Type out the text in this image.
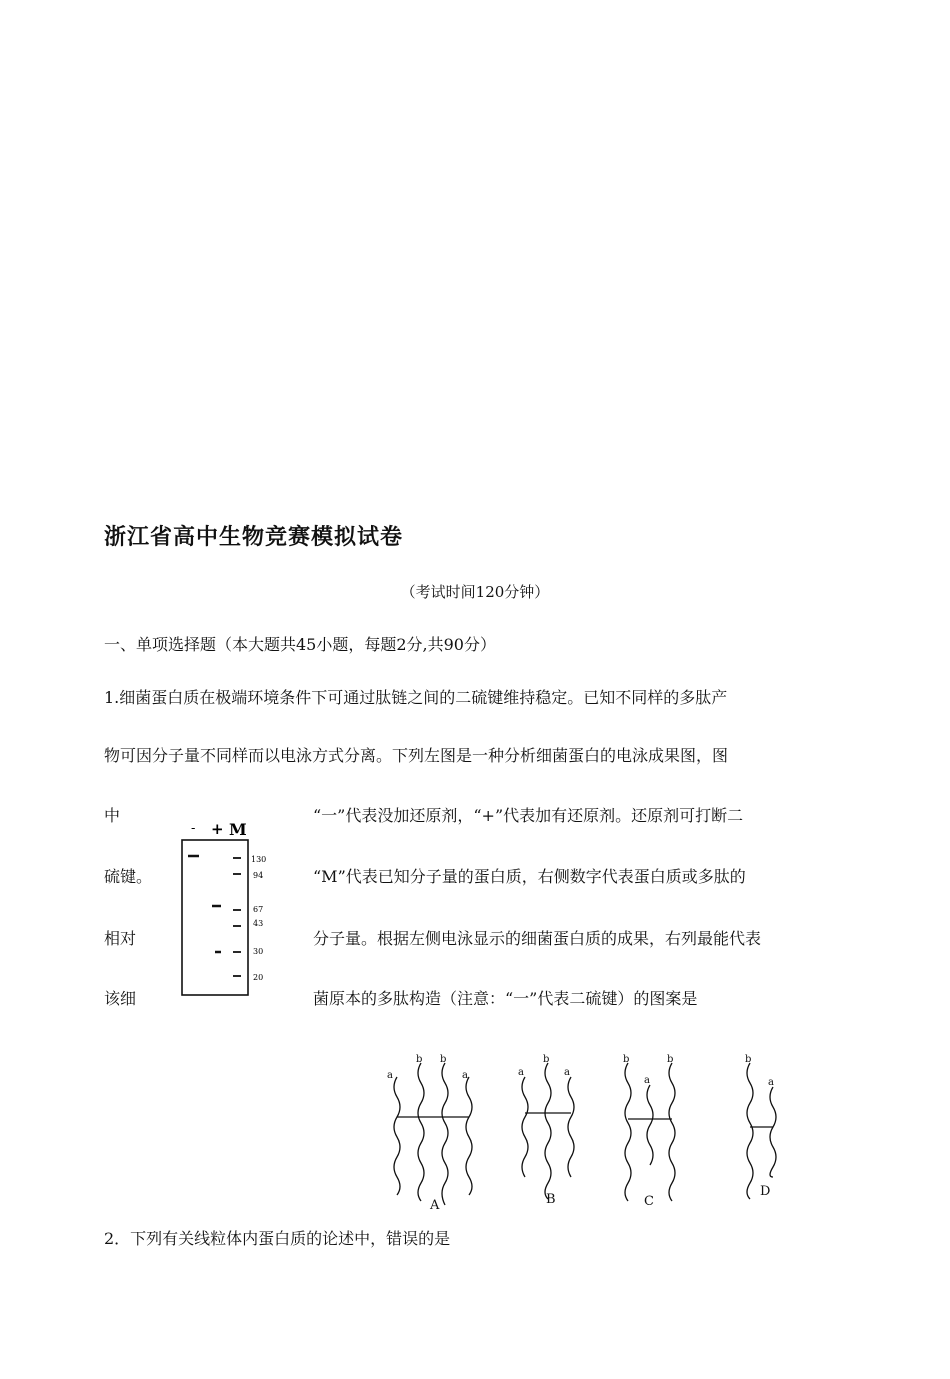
浙江省高中生物竞赛模拟试卷
（考试时间120分钟）
一、单项选择题（本大题共45小题，每题2分,共90分）
1.细菌蛋白质在极端环境条件下可通过肽链之间的二硫键维持稳定。已知不同样的多肽产
物可因分子量不同样而以电泳方式分离。下列左图是一种分析细菌蛋白的电泳成果图，图
中
硫键。
相对
该细
“一”代表没加还原剂，“+”代表加有还原剂。还原剂可打断二
“M”代表已知分子量的蛋白质，右侧数字代表蛋白质或多肽的
分子量。根据左侧电泳显示的细菌蛋白质的成果，右列最能代表
菌原本的多肽构造（注意：“一”代表二硫键）的图案是
- + M
130
94
67
43
30
20
a
b b
a	a
b
a
b
a
b	b
a
A	B	C
D
2．下列有关线粒体内蛋白质的论述中，错误的是
